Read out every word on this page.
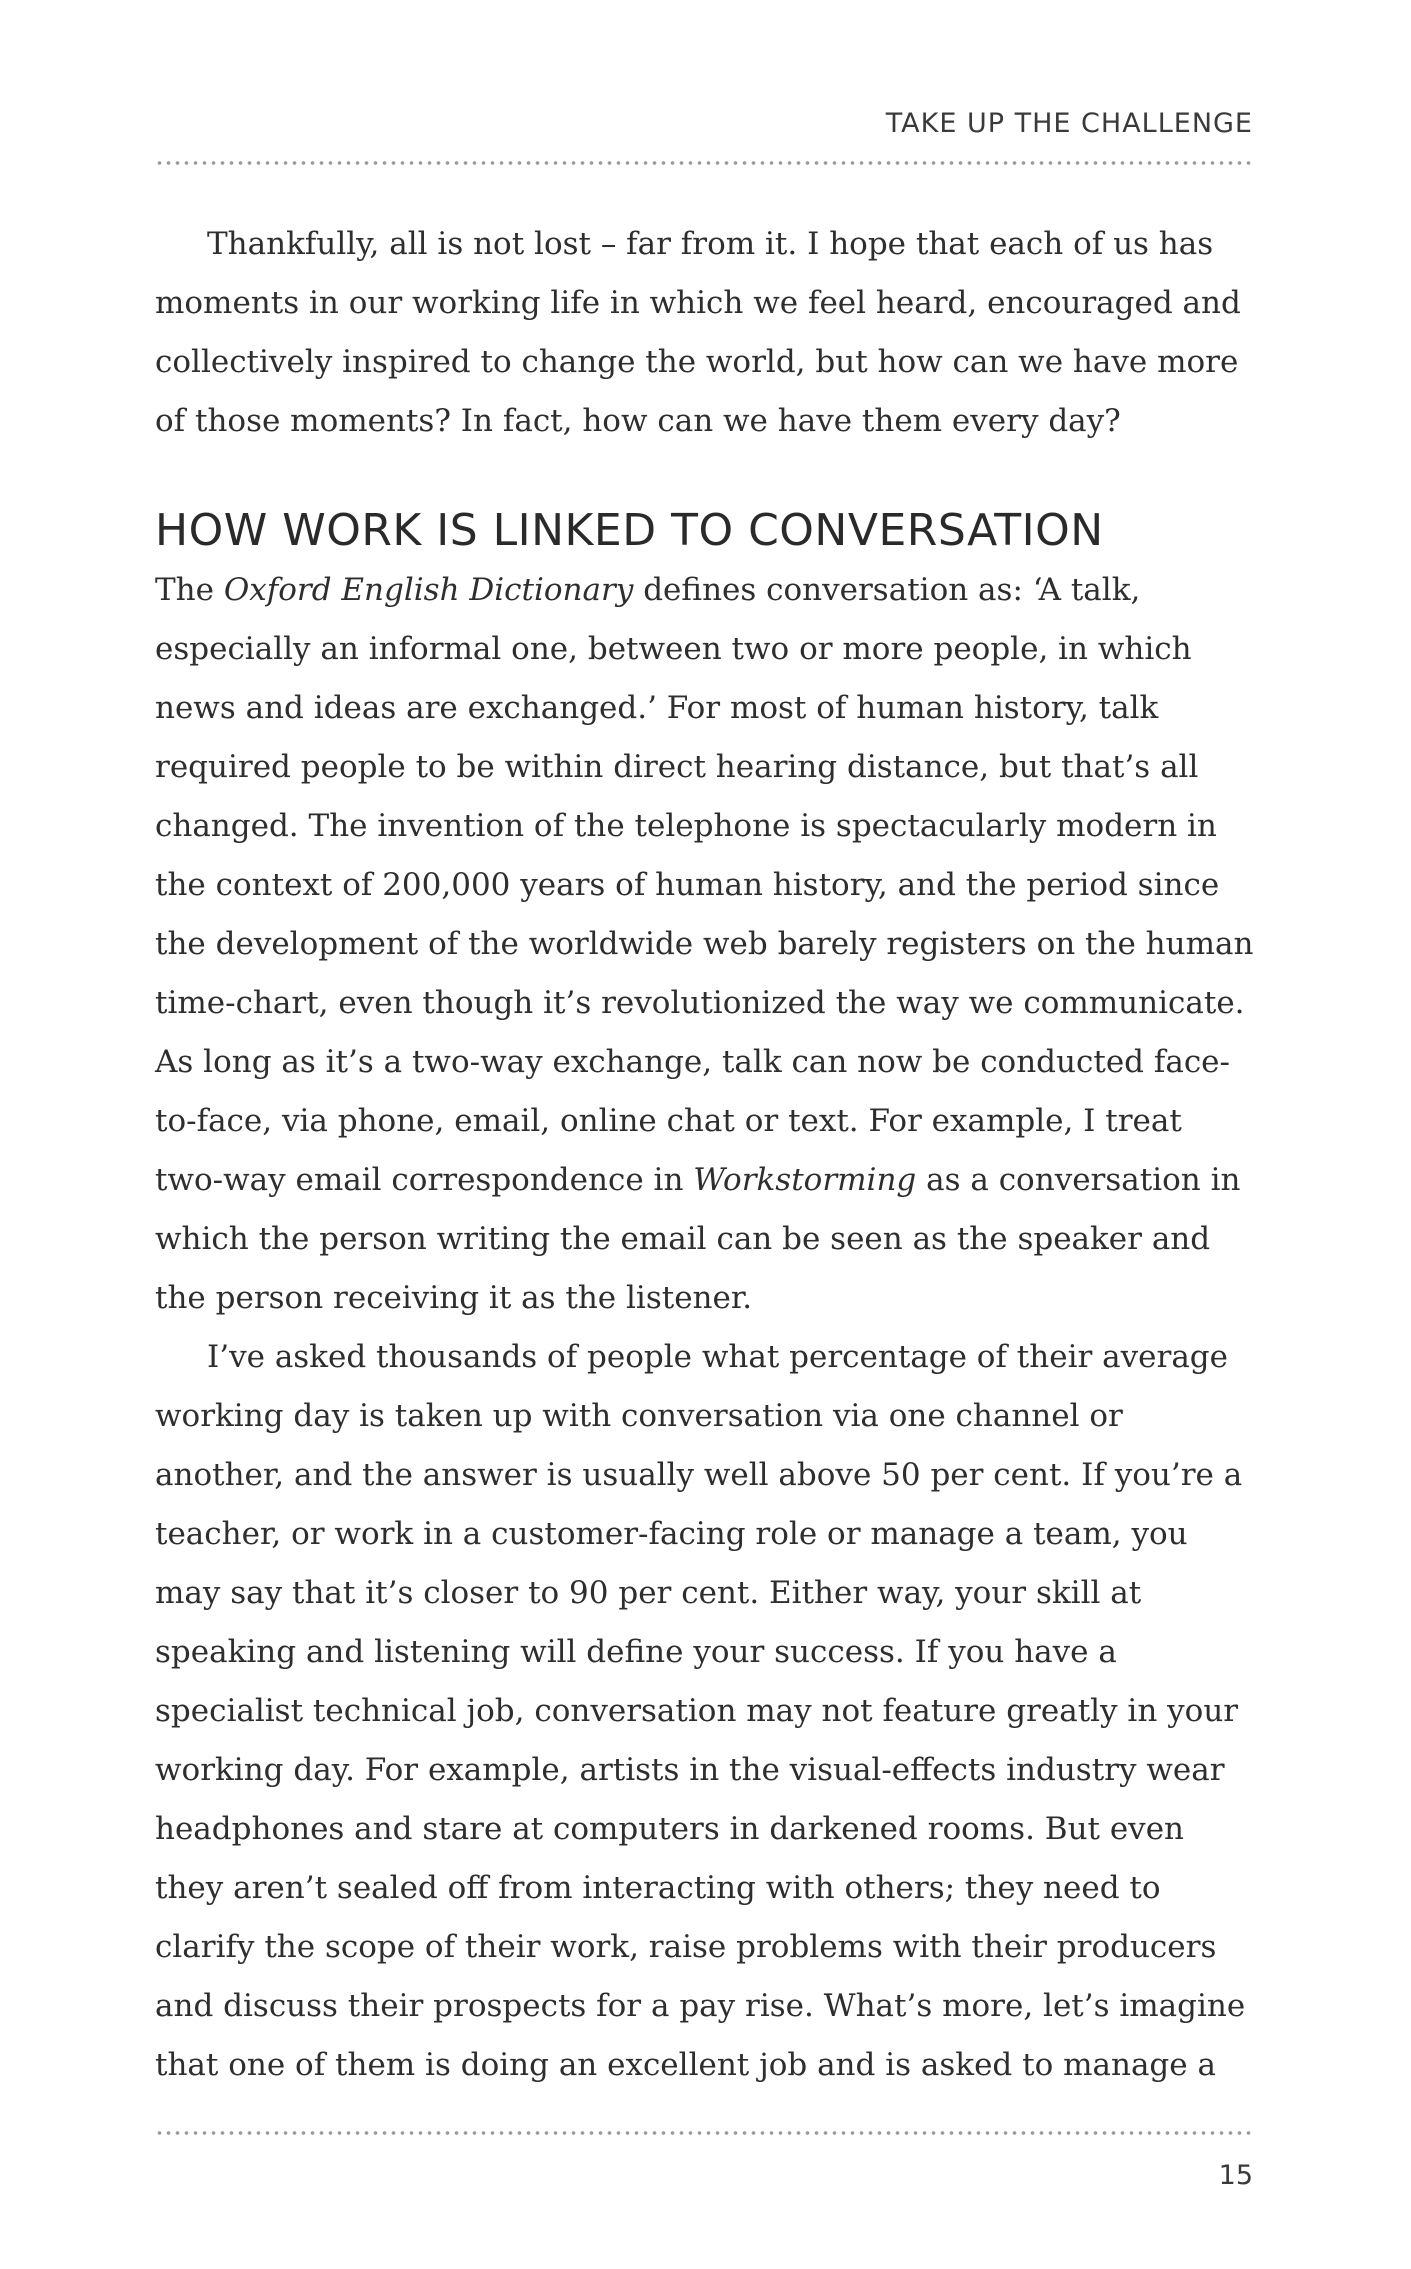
TAKE UP THE CHALLENGE

Thankfully, all is not lost – far from it. I hope that each of us has moments in our working life in which we feel heard, encouraged and collectively inspired to change the world, but how can we have more of those moments? In fact, how can we have them every day?

HOW WORK IS LINKED TO CONVERSATION

The Oxford English Dictionary defines conversation as: ‘A talk, especially an informal one, between two or more people, in which news and ideas are exchanged.’ For most of human history, talk required people to be within direct hearing distance, but that’s all changed. The invention of the telephone is spectacularly modern in the context of 200,000 years of human history, and the period since the development of the worldwide web barely registers on the human time-chart, even though it’s revolutionized the way we communicate. As long as it’s a two-way exchange, talk can now be conducted face-to-face, via phone, email, online chat or text. For example, I treat two-way email correspondence in Workstorming as a conversation in which the person writing the email can be seen as the speaker and the person receiving it as the listener.

I’ve asked thousands of people what percentage of their average working day is taken up with conversation via one channel or another, and the answer is usually well above 50 per cent. If you’re a teacher, or work in a customer-facing role or manage a team, you may say that it’s closer to 90 per cent. Either way, your skill at speaking and listening will define your success. If you have a specialist technical job, conversation may not feature greatly in your working day. For example, artists in the visual-effects industry wear headphones and stare at computers in darkened rooms. But even they aren’t sealed off from interacting with others; they need to clarify the scope of their work, raise problems with their producers and discuss their prospects for a pay rise. What’s more, let’s imagine that one of them is doing an excellent job and is asked to manage a

15
